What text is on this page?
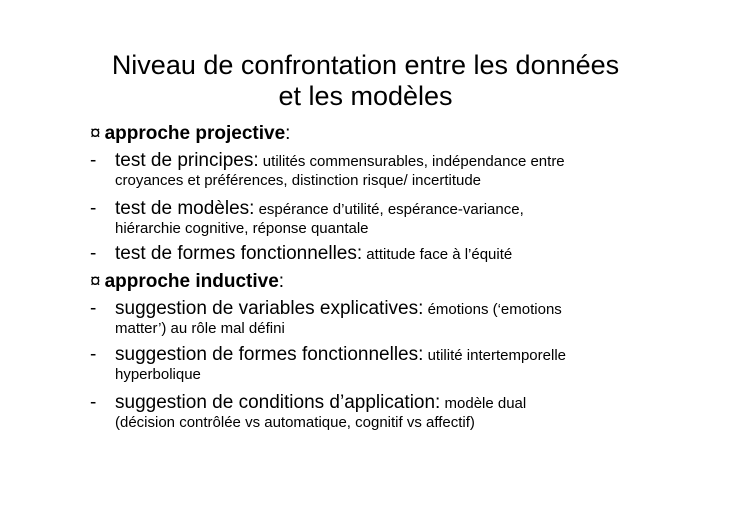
Niveau de confrontation entre les données
et les modèles
¤ approche projective:
- test de principes: utilités commensurables, indépendance entre
croyances et préférences, distinction risque/ incertitude
- test de modèles: espérance d’utilité, espérance-variance,
hiérarchie cognitive, réponse quantale
- test de formes fonctionnelles: attitude face à l’équité
¤ approche inductive:
- suggestion de variables explicatives: émotions (‘emotions
matter’) au rôle mal défini
- suggestion de formes fonctionnelles: utilité intertemporelle
hyperbolique
- suggestion de conditions d’application: modèle dual
(décision contrôlée vs automatique, cognitif vs affectif)
